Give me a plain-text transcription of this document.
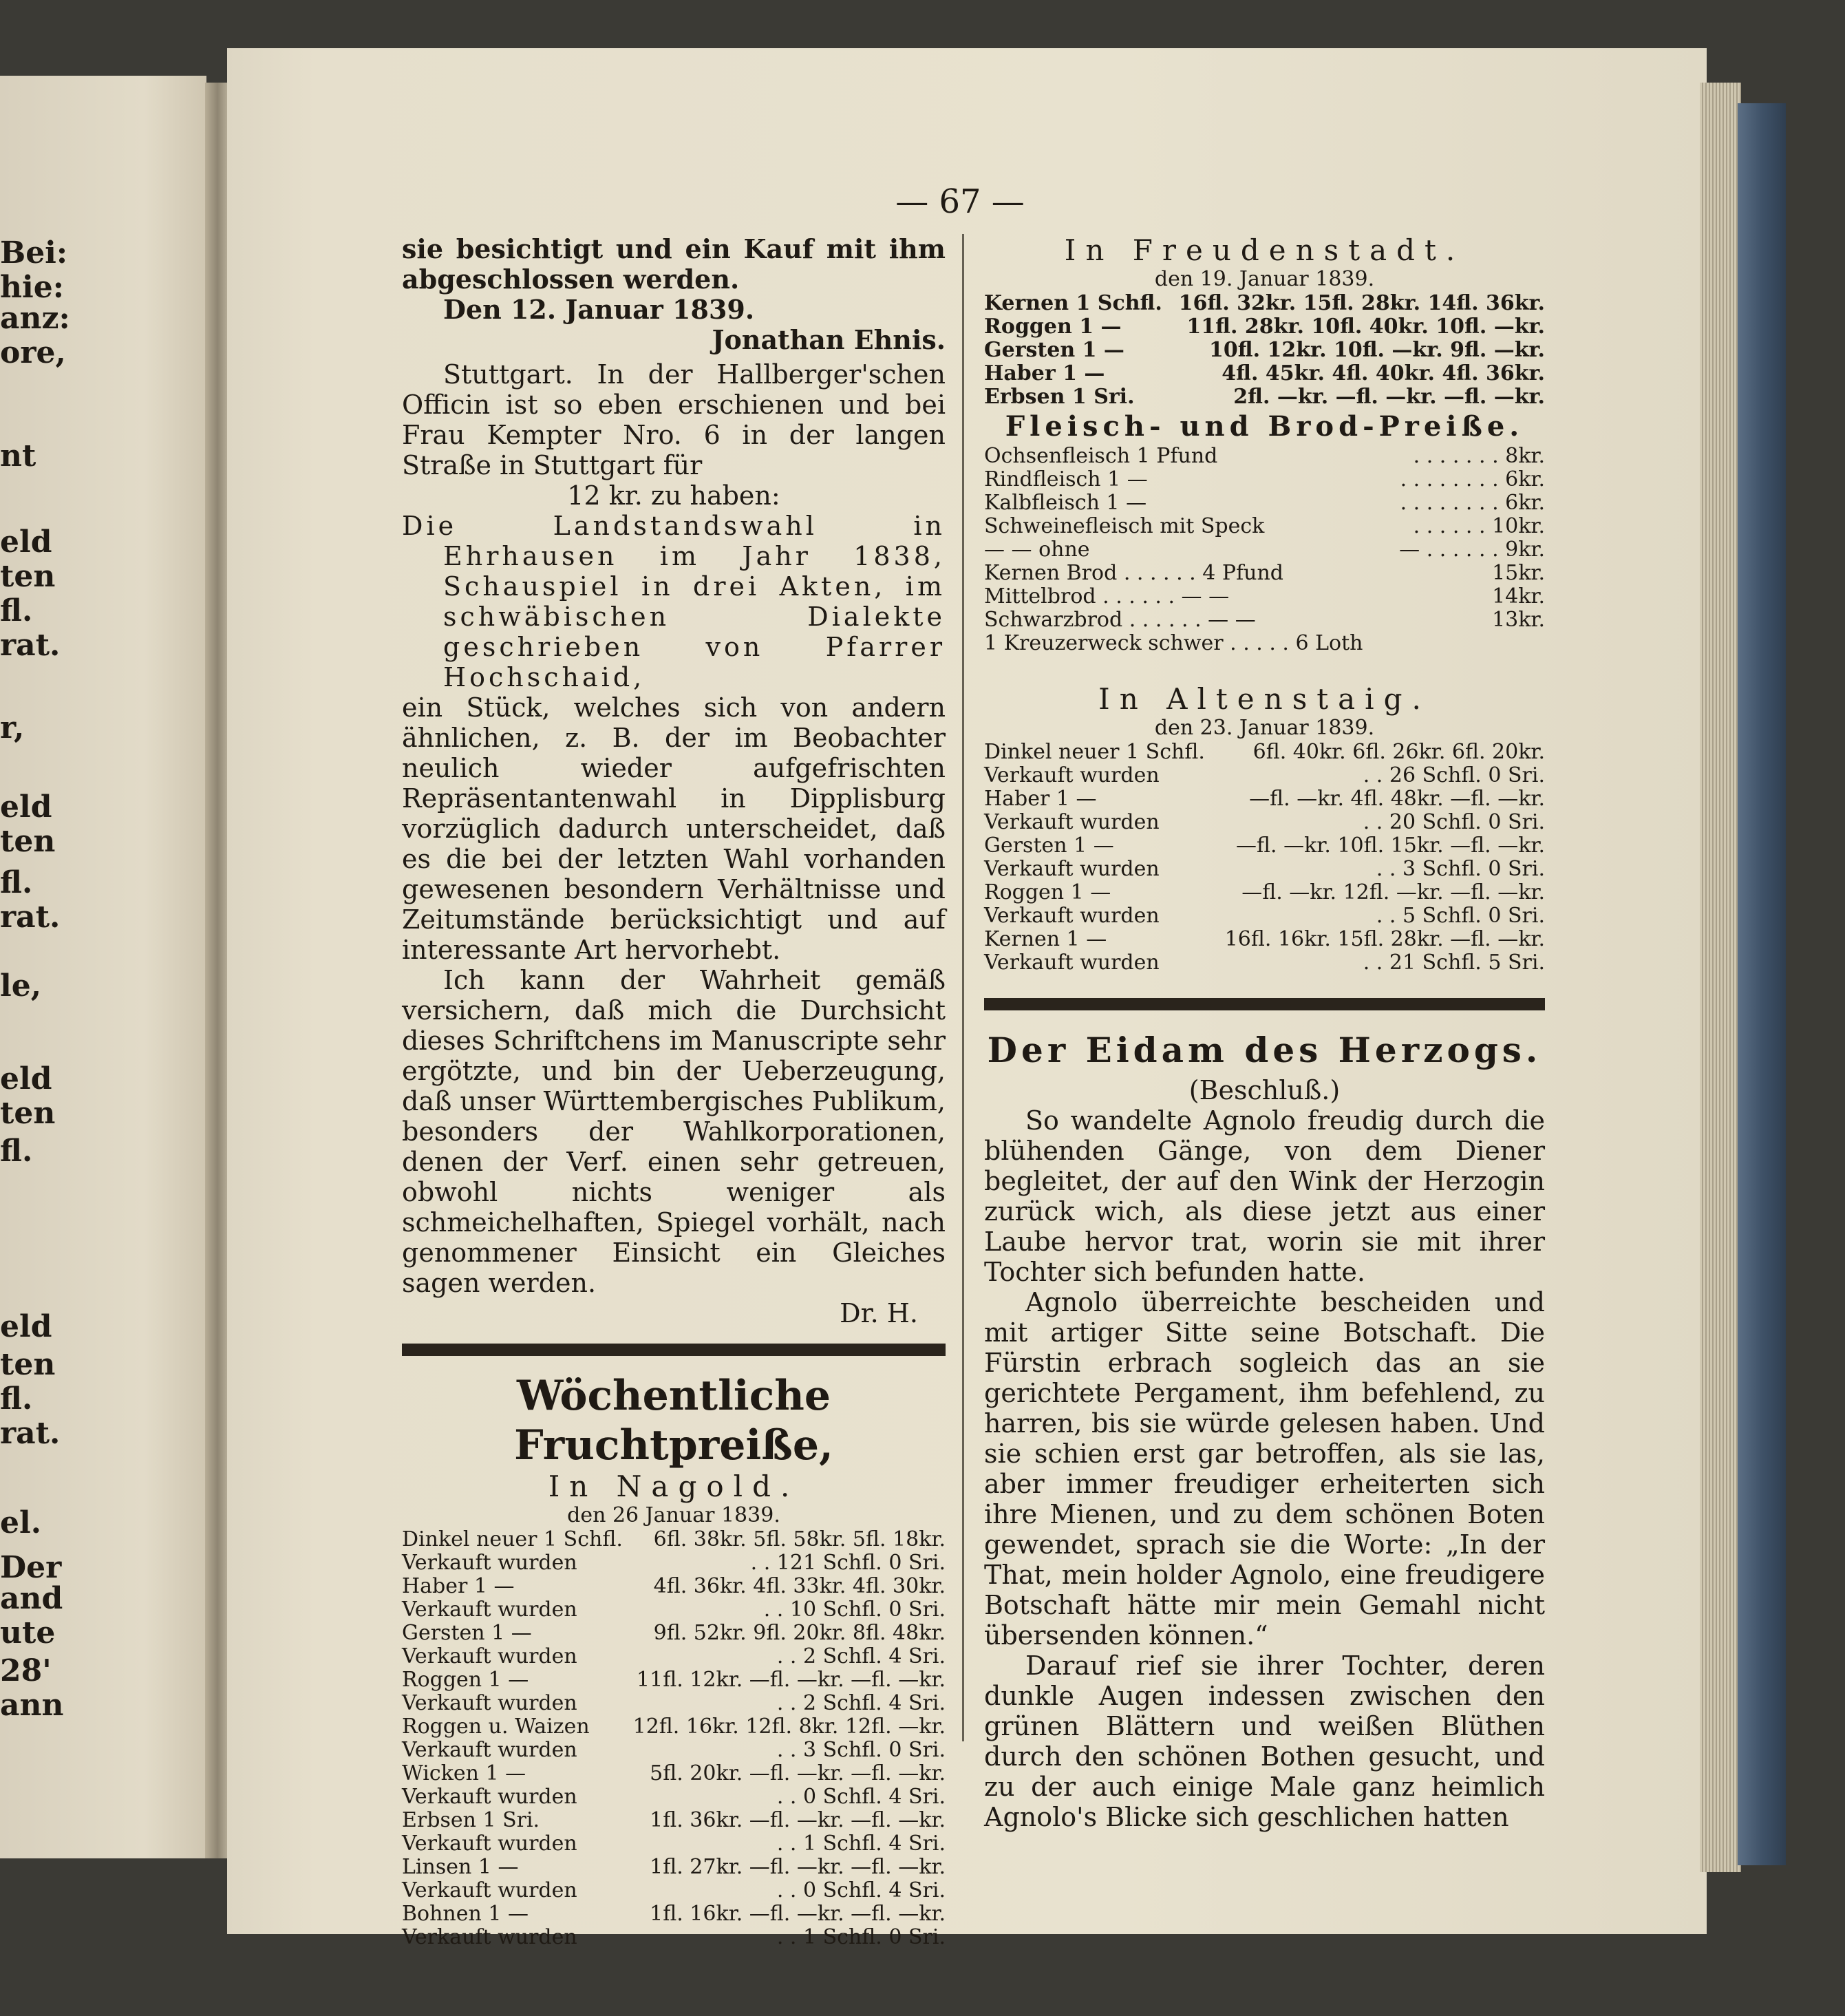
Bei:
hie:
anz:
ore,
nt
eld
ten
fl.
rat.
r,
eld
ten
fl.
rat.
le,
eld
ten
fl.
eld
ten
fl.
rat.
el.
Der
and
ute
28'
ann
— 67 —

sie besichtigt und ein Kauf mit ihm abgeschlossen werden.

Den 12. Januar 1839.

Jonathan Ehnis.

Stuttgart. In der Hallberger'schen Officin ist so eben erschienen und bei Frau Kempter Nro. 6 in der langen Straße in Stuttgart für

12 kr. zu haben:

Die Landstandswahl in Ehrhausen im Jahr 1838, Schauspiel in drei Akten, im schwäbischen Dialekte geschrieben von Pfarrer Hochschaid,

ein Stück, welches sich von andern ähnlichen, z. B. der im Beobachter neulich wieder aufgefrischten Repräsentantenwahl in Dipplisburg vorzüglich dadurch unterscheidet, daß es die bei der letzten Wahl vorhanden gewesenen besondern Verhältnisse und Zeitumstände berücksichtigt und auf interessante Art hervorhebt.

Ich kann der Wahrheit gemäß versichern, daß mich die Durchsicht dieses Schriftchens im Manuscripte sehr ergötzte, und bin der Ueberzeugung, daß unser Württembergisches Publikum, besonders der Wahlkorporationen, denen der Verf. einen sehr getreuen, obwohl nichts weniger als schmeichelhaften, Spiegel vorhält, nach genommener Einsicht ein Gleiches sagen werden.

Dr. H.

Wöchentliche Fruchtpreiße,

In Nagold.

den 26 Januar 1839.

Dinkel neuer 1 Schfl.	6fl. 38kr. 5fl. 58kr. 5fl. 18kr.
Verkauft wurden	. . 121 Schfl. 0 Sri.
Haber 1 —	4fl. 36kr. 4fl. 33kr. 4fl. 30kr.
Verkauft wurden	. . 10 Schfl. 0 Sri.
Gersten 1 —	9fl. 52kr. 9fl. 20kr. 8fl. 48kr.
Verkauft wurden	. . 2 Schfl. 4 Sri.
Roggen 1 —	11fl. 12kr. —fl. —kr. —fl. —kr.
Verkauft wurden	. . 2 Schfl. 4 Sri.
Roggen u. Waizen	12fl. 16kr. 12fl. 8kr. 12fl. —kr.
Verkauft wurden	. . 3 Schfl. 0 Sri.
Wicken 1 —	5fl. 20kr. —fl. —kr. —fl. —kr.
Verkauft wurden	. . 0 Schfl. 4 Sri.
Erbsen 1 Sri.	1fl. 36kr. —fl. —kr. —fl. —kr.
Verkauft wurden	. . 1 Schfl. 4 Sri.
Linsen 1 —	1fl. 27kr. —fl. —kr. —fl. —kr.
Verkauft wurden	. . 0 Schfl. 4 Sri.
Bohnen 1 —	1fl. 16kr. —fl. —kr. —fl. —kr.
Verkauft wurden	. . 1 Schfl. 0 Sri.

In Freudenstadt.

den 19. Januar 1839.

Kernen 1 Schfl.	16fl. 32kr. 15fl. 28kr. 14fl. 36kr.
Roggen 1 —	11fl. 28kr. 10fl. 40kr. 10fl. —kr.
Gersten 1 —	10fl. 12kr. 10fl. —kr. 9fl. —kr.
Haber 1 —	4fl. 45kr. 4fl. 40kr. 4fl. 36kr.
Erbsen 1 Sri.	2fl. —kr. —fl. —kr. —fl. —kr.

Fleisch- und Brod-Preiße.

Ochsenfleisch 1 Pfund	. . . . . . . 8kr.
Rindfleisch 1 —	. . . . . . . . 6kr.
Kalbfleisch 1 —	. . . . . . . . 6kr.
Schweinefleisch mit Speck	. . . . . . 10kr.
— — ohne	— . . . . . . 9kr.
Kernen Brod . . . . . . 4 Pfund	15kr.
Mittelbrod . . . . . . — —	14kr.
Schwarzbrod . . . . . . — —	13kr.
1 Kreuzerweck schwer . . . . . 6 Loth	

In Altenstaig.

den 23. Januar 1839.

Dinkel neuer 1 Schfl.	6fl. 40kr. 6fl. 26kr. 6fl. 20kr.
Verkauft wurden	. . 26 Schfl. 0 Sri.
Haber 1 —	—fl. —kr. 4fl. 48kr. —fl. —kr.
Verkauft wurden	. . 20 Schfl. 0 Sri.
Gersten 1 —	—fl. —kr. 10fl. 15kr. —fl. —kr.
Verkauft wurden	. . 3 Schfl. 0 Sri.
Roggen 1 —	—fl. —kr. 12fl. —kr. —fl. —kr.
Verkauft wurden	. . 5 Schfl. 0 Sri.
Kernen 1 —	16fl. 16kr. 15fl. 28kr. —fl. —kr.
Verkauft wurden	. . 21 Schfl. 5 Sri.

Der Eidam des Herzogs.

(Beschluß.)

So wandelte Agnolo freudig durch die blühenden Gänge, von dem Diener begleitet, der auf den Wink der Herzogin zurück wich, als diese jetzt aus einer Laube hervor trat, worin sie mit ihrer Tochter sich befunden hatte.

Agnolo überreichte bescheiden und mit artiger Sitte seine Botschaft. Die Fürstin erbrach sogleich das an sie gerichtete Pergament, ihm befehlend, zu harren, bis sie würde gelesen haben. Und sie schien erst gar betroffen, als sie las, aber immer freudiger erheiterten sich ihre Mienen, und zu dem schönen Boten gewendet, sprach sie die Worte: „In der That, mein holder Agnolo, eine freudigere Botschaft hätte mir mein Gemahl nicht übersenden können.“

Darauf rief sie ihrer Tochter, deren dunkle Augen indessen zwischen den grünen Blättern und weißen Blüthen durch den schönen Bothen gesucht, und zu der auch einige Male ganz heimlich Agnolo's Blicke sich geschlichen hatten
